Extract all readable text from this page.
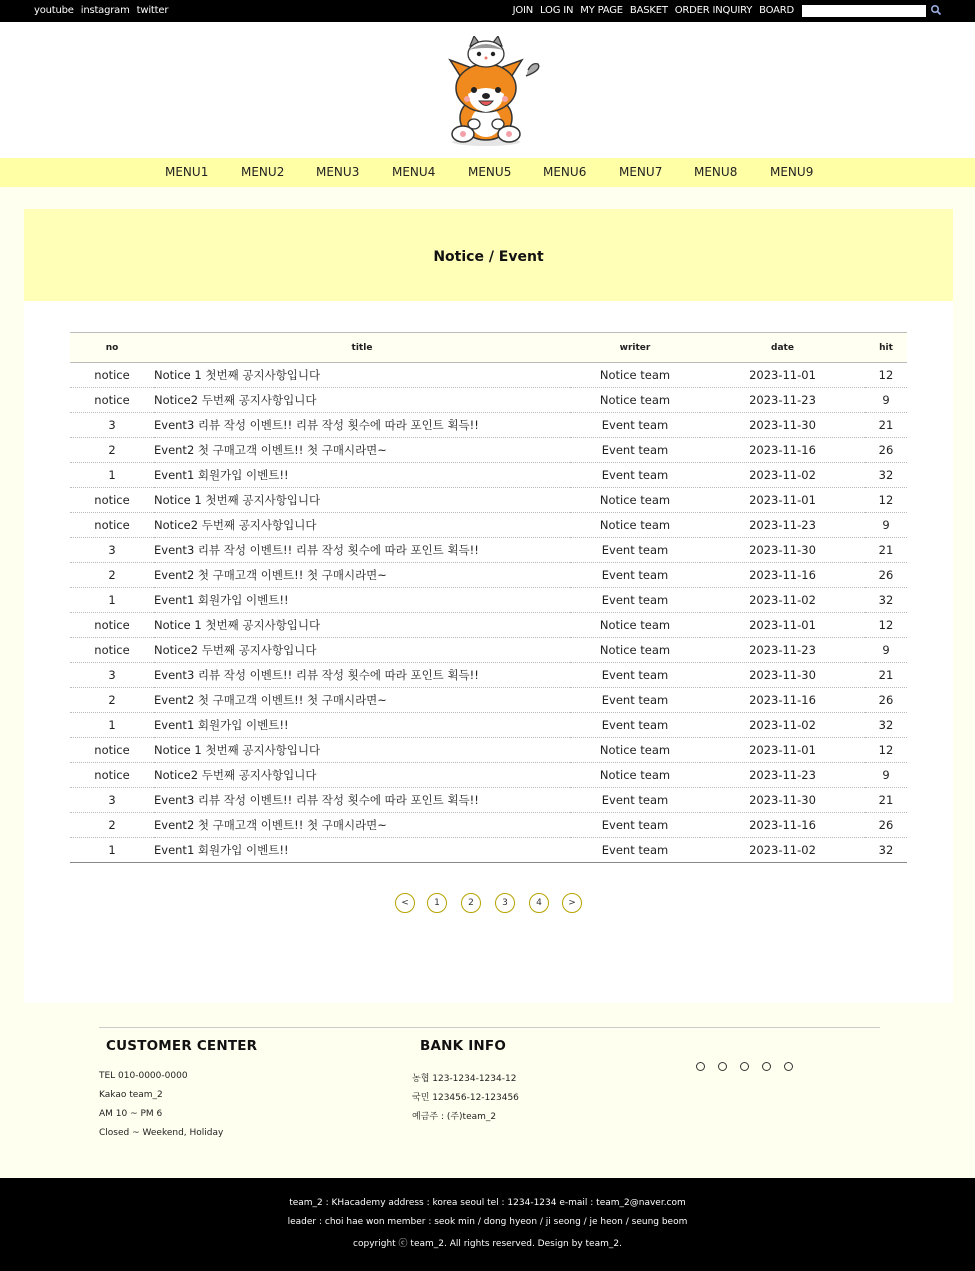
youtube instagram twitter	JOIN LOG IN MY PAGE BASKET ORDER INQUIRY BOARD
MENU1	MENU2	MENU3	MENU4	MENU5	MENU6	MENU7	MENU8	MENU9
Notice / Event
no	title	writer	date	hit
notice	Notice 1 첫번째 공지사항입니다	Notice team	2023-11-01	12
notice	Notice2 두번째 공지사항입니다	Notice team	2023-11-23	9
3	Event3 리뷰 작성 이벤트!! 리뷰 작성 횟수에 따라 포인트 획득!!	Event team	2023-11-30	21
2	Event2 첫 구매고객 이벤트!! 첫 구매시라면~	Event team	2023-11-16	26
1	Event1 회원가입 이벤트!!	Event team	2023-11-02	32
notice	Notice 1 첫번째 공지사항입니다	Notice team	2023-11-01	12
notice	Notice2 두번째 공지사항입니다	Notice team	2023-11-23	9
3	Event3 리뷰 작성 이벤트!! 리뷰 작성 횟수에 따라 포인트 획득!!	Event team	2023-11-30	21
2	Event2 첫 구매고객 이벤트!! 첫 구매시라면~	Event team	2023-11-16	26
1	Event1 회원가입 이벤트!!	Event team	2023-11-02	32
notice	Notice 1 첫번째 공지사항입니다	Notice team	2023-11-01	12
notice	Notice2 두번째 공지사항입니다	Notice team	2023-11-23	9
3	Event3 리뷰 작성 이벤트!! 리뷰 작성 횟수에 따라 포인트 획득!!	Event team	2023-11-30	21
2	Event2 첫 구매고객 이벤트!! 첫 구매시라면~	Event team	2023-11-16	26
1	Event1 회원가입 이벤트!!	Event team	2023-11-02	32
notice	Notice 1 첫번째 공지사항입니다	Notice team	2023-11-01	12
notice	Notice2 두번째 공지사항입니다	Notice team	2023-11-23	9
3	Event3 리뷰 작성 이벤트!! 리뷰 작성 횟수에 따라 포인트 획득!!	Event team	2023-11-30	21
2	Event2 첫 구매고객 이벤트!! 첫 구매시라면~	Event team	2023-11-16	26
1	Event1 회원가입 이벤트!!	Event team	2023-11-02	32
<	1	2	3	4	>
CUSTOMER CENTER
TEL 010-0000-0000
Kakao team_2
AM 10 ~ PM 6
Closed ~ Weekend, Holiday
BANK INFO
농협 123-1234-1234-12
국민 123456-12-123456
예금주 : (주)team_2
team_2 : KHacademy address : korea seoul tel : 1234-1234 e-mail : team_2@naver.com
leader : choi hae won member : seok min / dong hyeon / ji seong / je heon / seung beom
copyright ⓒ team_2. All rights reserved. Design by team_2.
